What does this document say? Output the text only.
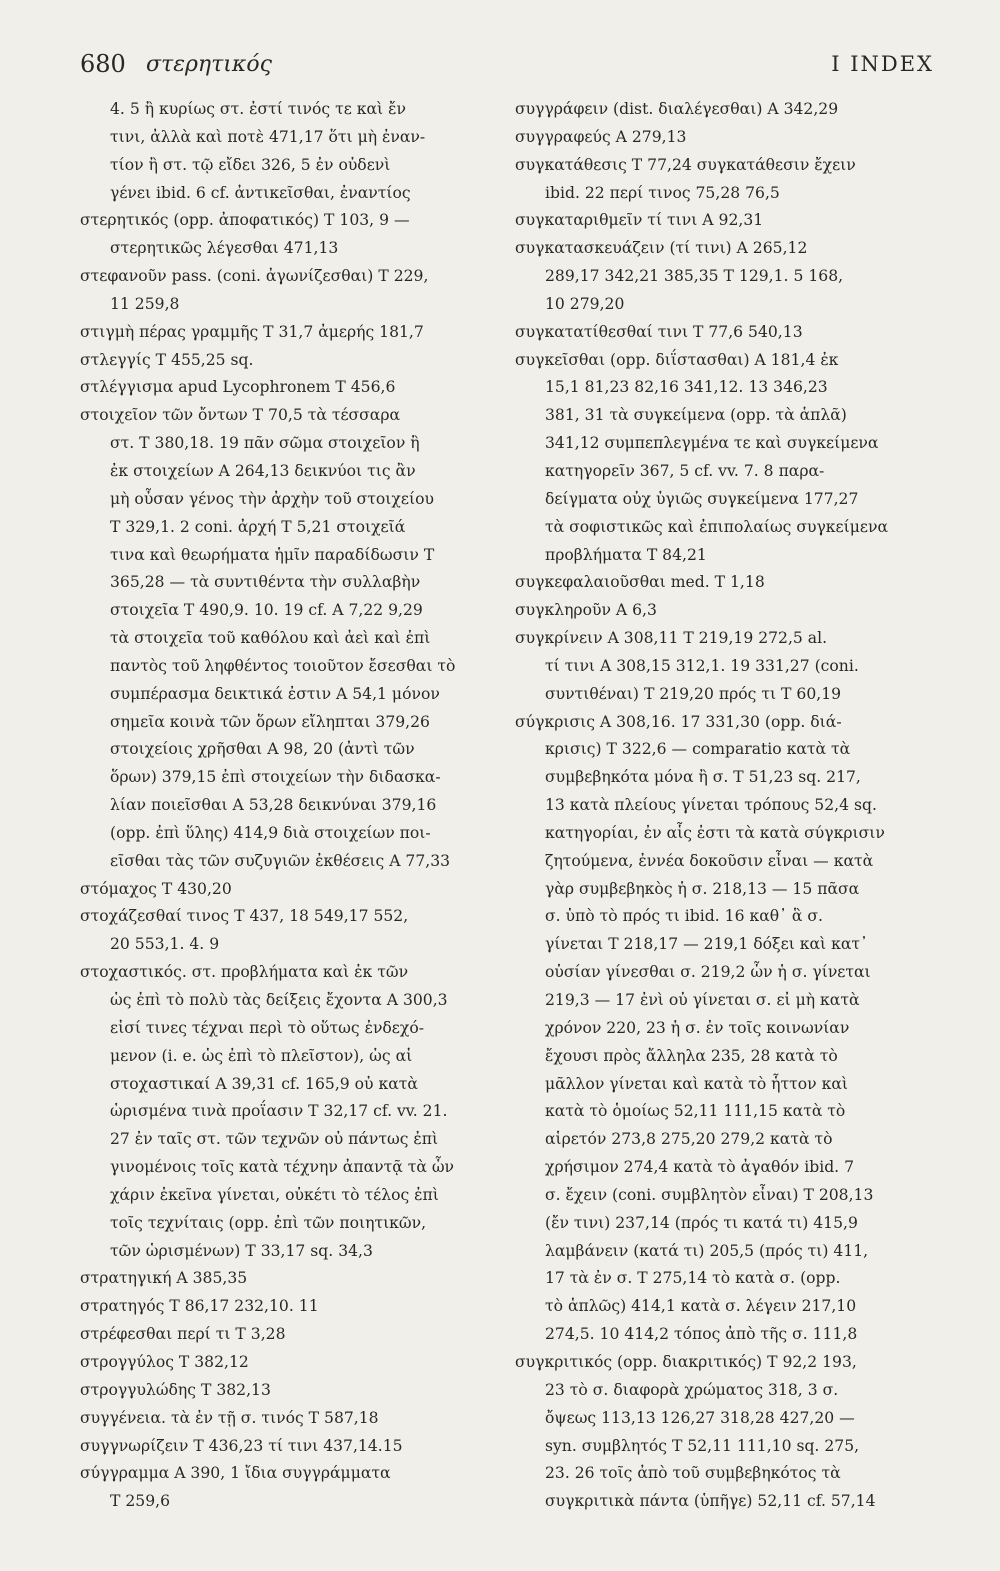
680 στερητικός	I INDEX
4. 5 ἢ κυρίως στ. ἐστί τινός τε καὶ ἔν
τινι, ἀλλὰ καὶ ποτὲ 471,17 ὅτι μὴ ἐναν-
τίον ἢ στ. τῷ εἴδει 326, 5 ἐν οὐδενὶ
γένει ibid. 6 cf. ἀντικεῖσθαι, ἐναντίος
στερητικός (opp. ἀποφατικός) T 103, 9 —
στερητικῶς λέγεσθαι 471,13
στεφανοῦν pass. (coni. ἀγωνίζεσθαι) T 229,
11 259,8
στιγμὴ πέρας γραμμῆς T 31,7 ἀμερής 181,7
στλεγγίς T 455,25 sq.
στλέγγισμα apud Lycophronem T 456,6
στοιχεῖον τῶν ὄντων T 70,5 τὰ τέσσαρα
στ. T 380,18. 19 πᾶν σῶμα στοιχεῖον ἢ
ἐκ στοιχείων A 264,13 δεικνύοι τις ἂν
μὴ οὖσαν γένος τὴν ἀρχὴν τοῦ στοιχείου
T 329,1. 2 coni. ἀρχή T 5,21 στοιχεῖά
τινα καὶ θεωρήματα ἡμῖν παραδίδωσιν T
365,28 — τὰ συντιθέντα τὴν συλλαβὴν
στοιχεῖα T 490,9. 10. 19 cf. A 7,22 9,29
τὰ στοιχεῖα τοῦ καθόλου καὶ ἀεὶ καὶ ἐπὶ
παντὸς τοῦ ληφθέντος τοιοῦτον ἔσεσθαι τὸ
συμπέρασμα δεικτικά ἐστιν A 54,1 μόνον
σημεῖα κοινὰ τῶν ὅρων εἴληπται 379,26
στοιχείοις χρῆσθαι A 98, 20 (ἀντὶ τῶν
ὅρων) 379,15 ἐπὶ στοιχείων τὴν διδασκα-
λίαν ποιεῖσθαι A 53,28 δεικνύναι 379,16
(opp. ἐπὶ ὕλης) 414,9 διὰ στοιχείων ποι-
εῖσθαι τὰς τῶν συζυγιῶν ἐκθέσεις A 77,33
στόμαχος T 430,20
στοχάζεσθαί τινος T 437, 18 549,17 552,
20 553,1. 4. 9
στοχαστικός. στ. προβλήματα καὶ ἐκ τῶν
ὡς ἐπὶ τὸ πολὺ τὰς δείξεις ἔχοντα A 300,3
εἰσί τινες τέχναι περὶ τὸ οὕτως ἐνδεχό-
μενον (i. e. ὡς ἐπὶ τὸ πλεῖστον), ὡς αἱ
στοχαστικαί A 39,31 cf. 165,9 οὐ κατὰ
ὡρισμένα τινὰ προΐασιν T 32,17 cf. vv. 21.
27 ἐν ταῖς στ. τῶν τεχνῶν οὐ πάντως ἐπὶ
γινομένοις τοῖς κατὰ τέχνην ἀπαντᾷ τὰ ὧν
χάριν ἐκεῖνα γίνεται, οὐκέτι τὸ τέλος ἐπὶ
τοῖς τεχνίταις (opp. ἐπὶ τῶν ποιητικῶν,
τῶν ὡρισμένων) T 33,17 sq. 34,3
στρατηγική A 385,35
στρατηγός T 86,17 232,10. 11
στρέφεσθαι περί τι T 3,28
στρογγύλος T 382,12
στρογγυλώδης T 382,13
συγγένεια. τὰ ἐν τῇ σ. τινός T 587,18
συγγνωρίζειν T 436,23 τί τινι 437,14.15
σύγγραμμα A 390, 1 ἴδια συγγράμματα
T 259,6
συγγράφειν (dist. διαλέγεσθαι) A 342,29
συγγραφεύς A 279,13
συγκατάθεσις T 77,24 συγκατάθεσιν ἔχειν
ibid. 22 περί τινος 75,28 76,5
συγκαταριθμεῖν τί τινι A 92,31
συγκατασκευάζειν (τί τινι) A 265,12
289,17 342,21 385,35 T 129,1. 5 168,
10 279,20
συγκατατίθεσθαί τινι T 77,6 540,13
συγκεῖσθαι (opp. διΐστασθαι) A 181,4 ἐκ
15,1 81,23 82,16 341,12. 13 346,23
381, 31 τὰ συγκείμενα (opp. τὰ ἁπλᾶ)
341,12 συμπεπλεγμένα τε καὶ συγκείμενα
κατηγορεῖν 367, 5 cf. vv. 7. 8 παρα-
δείγματα οὐχ ὑγιῶς συγκείμενα 177,27
τὰ σοφιστικῶς καὶ ἐπιπολαίως συγκείμενα
προβλήματα T 84,21
συγκεφαλαιοῦσθαι med. T 1,18
συγκληροῦν A 6,3
συγκρίνειν A 308,11 T 219,19 272,5 al.
τί τινι A 308,15 312,1. 19 331,27 (coni.
συντιθέναι) T 219,20 πρός τι T 60,19
σύγκρισις A 308,16. 17 331,30 (opp. διά-
κρισις) T 322,6 — comparatio κατὰ τὰ
συμβεβηκότα μόνα ἢ σ. T 51,23 sq. 217,
13 κατὰ πλείους γίνεται τρόπους 52,4 sq.
κατηγορίαι, ἐν αἷς ἐστι τὰ κατὰ σύγκρισιν
ζητούμενα, ἐννέα δοκοῦσιν εἶναι — κατὰ
γὰρ συμβεβηκὸς ἡ σ. 218,13 — 15 πᾶσα
σ. ὑπὸ τὸ πρός τι ibid. 16 καθ᾽ ἃ σ.
γίνεται T 218,17 — 219,1 δόξει καὶ κατ᾽
οὐσίαν γίνεσθαι σ. 219,2 ὧν ἡ σ. γίνεται
219,3 — 17 ἐνὶ οὐ γίνεται σ. εἰ μὴ κατὰ
χρόνον 220, 23 ἡ σ. ἐν τοῖς κοινωνίαν
ἔχουσι πρὸς ἄλληλα 235, 28 κατὰ τὸ
μᾶλλον γίνεται καὶ κατὰ τὸ ἧττον καὶ
κατὰ τὸ ὁμοίως 52,11 111,15 κατὰ τὸ
αἱρετόν 273,8 275,20 279,2 κατὰ τὸ
χρήσιμον 274,4 κατὰ τὸ ἀγαθόν ibid. 7
σ. ἔχειν (coni. συμβλητὸν εἶναι) T 208,13
(ἔν τινι) 237,14 (πρός τι κατά τι) 415,9
λαμβάνειν (κατά τι) 205,5 (πρός τι) 411,
17 τὰ ἐν σ. T 275,14 τὸ κατὰ σ. (opp.
τὸ ἁπλῶς) 414,1 κατὰ σ. λέγειν 217,10
274,5. 10 414,2 τόπος ἀπὸ τῆς σ. 111,8
συγκριτικός (opp. διακριτικός) T 92,2 193,
23 τὸ σ. διαφορὰ χρώματος 318, 3 σ.
ὄψεως 113,13 126,27 318,28 427,20 —
syn. συμβλητός T 52,11 111,10 sq. 275,
23. 26 τοῖς ἀπὸ τοῦ συμβεβηκότος τὰ
συγκριτικὰ πάντα (ὑπῆγε) 52,11 cf. 57,14
